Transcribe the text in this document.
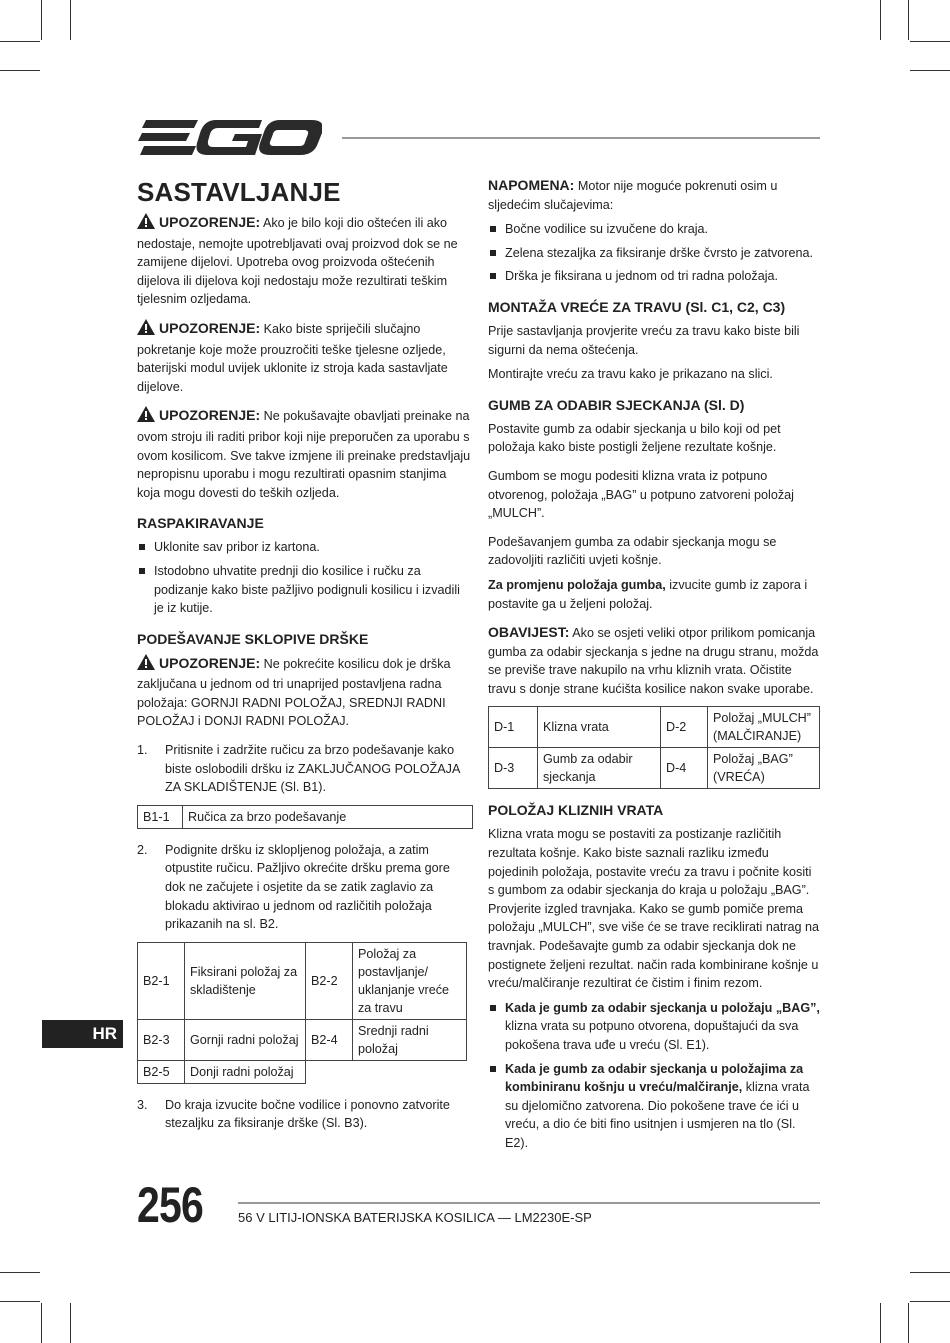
SASTAVLJANJE

UPOZORENJE: Ako je bilo koji dio oštećen ili ako nedostaje, nemojte upotrebljavati ovaj proizvod dok se ne zamijene dijelovi. Upotreba ovog proizvoda oštećenih dijelova ili dijelova koji nedostaju može rezultirati teškim tjelesnim ozljedama.

UPOZORENJE: Kako biste spriječili slučajno pokretanje koje može prouzročiti teške tjelesne ozljede, baterijski modul uvijek uklonite iz stroja kada sastavljate dijelove.

UPOZORENJE: Ne pokušavajte obavljati preinake na ovom stroju ili raditi pribor koji nije preporučen za uporabu s ovom kosilicom. Sve takve izmjene ili preinake predstavljaju nepropisnu uporabu i mogu rezultirati opasnim stanjima koja mogu dovesti do teških ozljeda.

RASPAKIRAVANJE
Uklonite sav pribor iz kartona.
Istodobno uhvatite prednji dio kosilice i ručku za podizanje kako biste pažljivo podignuli kosilicu i izvadili je iz kutije.
PODEŠAVANJE SKLOPIVE DRŠKE

UPOZORENJE: Ne pokrećite kosilicu dok je drška zaključana u jednom od tri unaprijed postavljena radna položaja: GORNJI RADNI POLOŽAJ, SREDNJI RADNI POLOŽAJ i DONJI RADNI POLOŽAJ.

1. Pritisnite i zadržite ručicu za brzo podešavanje kako biste oslobodili dršku iz ZAKLJUČANOG POLOŽAJA ZA SKLADIŠTENJE (Sl. B1).
B1-1	Ručica za brzo podešavanje
2. Podignite dršku iz sklopljenog položaja, a zatim otpustite ručicu. Pažljivo okrećite dršku prema gore dok ne začujete i osjetite da se zatik zaglavio za blokadu aktivirao u jednom od različitih položaja prikazanih na sl. B2.
B2-1	Fiksirani položaj za skladištenje	B2-2	Položaj za postavljanje/ uklanjanje vreće za travu
B2-3	Gornji radni položaj	B2-4	Srednji radni položaj
B2-5	Donji radni položaj		
3. Do kraja izvucite bočne vodilice i ponovno zatvorite stezaljku za fiksiranje drške (Sl. B3).

NAPOMENA: Motor nije moguće pokrenuti osim u sljedećim slučajevima:

Bočne vodilice su izvučene do kraja.
Zelena stezaljka za fiksiranje drške čvrsto je zatvorena.
Drška je fiksirana u jednom od tri radna položaja.
MONTAŽA VREĆE ZA TRAVU (Sl. C1, C2, C3)

Prije sastavljanja provjerite vreću za travu kako biste bili sigurni da nema oštećenja.

Montirajte vreću za travu kako je prikazano na slici.

GUMB ZA ODABIR SJECKANJA (Sl. D)

Postavite gumb za odabir sjeckanja u bilo koji od pet položaja kako biste postigli željene rezultate košnje.

Gumbom se mogu podesiti klizna vrata iz potpuno otvorenog, položaja „BAG” u potpuno zatvoreni položaj „MULCH”.

Podešavanjem gumba za odabir sjeckanja mogu se zadovoljiti različiti uvjeti košnje.

Za promjenu položaja gumba, izvucite gumb iz zapora i postavite ga u željeni položaj.

OBAVIJEST: Ako se osjeti veliki otpor prilikom pomicanja gumba za odabir sjeckanja s jedne na drugu stranu, možda se previše trave nakupilo na vrhu kliznih vrata. Očistite travu s donje strane kućišta kosilice nakon svake uporabe.

D-1	Klizna vrata	D-2	Položaj „MULCH” (MALČIRANJE)
D-3	Gumb za odabir sjeckanja	D-4	Položaj „BAG” (VREĆA)
POLOŽAJ KLIZNIH VRATA

Klizna vrata mogu se postaviti za postizanje različitih rezultata košnje. Kako biste saznali razliku između pojedinih položaja, postavite vreću za travu i počnite kositi s gumbom za odabir sjeckanja do kraja u položaju „BAG”. Provjerite izgled travnjaka. Kako se gumb pomiče prema položaju „MULCH”, sve više će se trave reciklirati natrag na travnjak. Podešavajte gumb za odabir sjeckanja dok ne postignete željeni rezultat. način rada kombinirane košnje u vreću/malčiranje rezultirat će čistim i finim rezom.

Kada je gumb za odabir sjeckanja u položaju „BAG”, klizna vrata su potpuno otvorena, dopuštajući da sva pokošena trava uđe u vreću (Sl. E1).
Kada je gumb za odabir sjeckanja u položajima za kombiniranu košnju u vreću/malčiranje, klizna vrata su djelomično zatvorena. Dio pokošene trave će ići u vreću, a dio će biti fino usitnjen i usmjeren na tlo (Sl. E2).
HR
256	56 V LITIJ-IONSKA BATERIJSKA KOSILICA — LM2230E-SP
